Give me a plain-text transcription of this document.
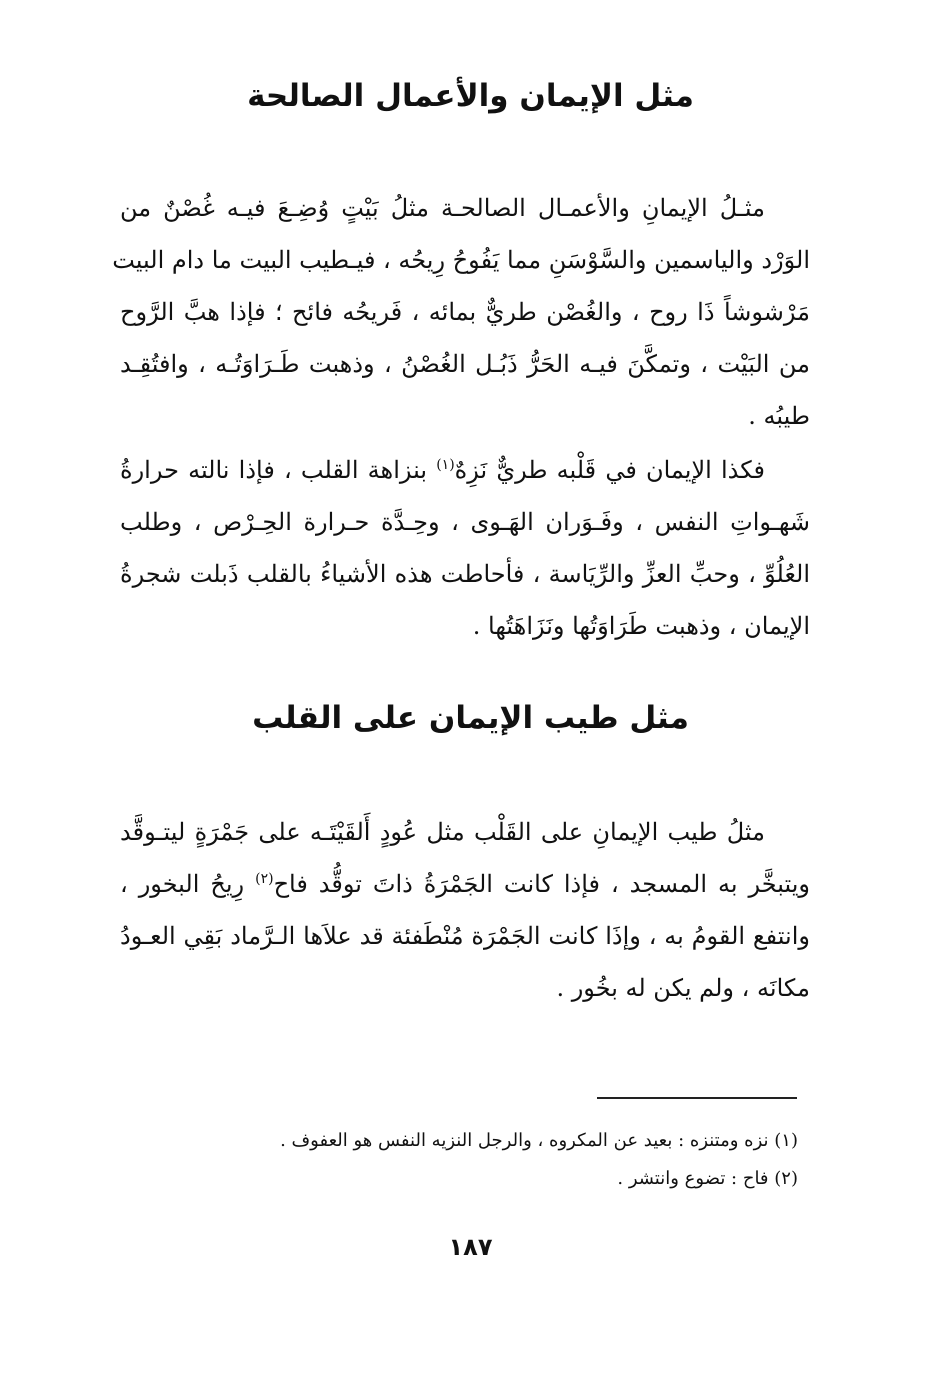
مثل الإيمان والأعمال الصالحة
مثـلُ الإيمانِ والأعمـال الصالحـة مثلُ بَيْتٍ وُضِـعَ فيـه غُصْنٌ من
الوَرْد والياسمين والسَّوْسَنِ مما يَفُوحُ رِيحُه ، فيـطيب البيت ما دام البيت
مَرْشوشاً ذَا روح ، والغُصْن طريٌّ بمائه ، فَريحُه فائح ؛ فإذا هبَّ الرَّوح
من البَيْت ، وتمكَّنَ فيـه الحَرُّ ذَبُـل الغُصْنُ ، وذهبت طَـرَاوَتُـه ، وافتُقِـد
طيبُه .
فكذا الإيمان في قَلْبه طريٌّ نَزِهٌ$^{(١)}$ بنزاهة القلب ، فإذا نالته حرارةُ
شَهـواتِ النفس ، وفَـوَران الهَـوى ، وحِـدَّة حـرارة الحِـرْص ، وطلب
العُلُوِّ ، وحبِّ العزِّ والرِّيَاسة ، فأحاطت هذه الأشياءُ بالقلب ذَبلت شجرةُ
الإيمان ، وذهبت طَرَاوَتُها ونَزَاهَتُها .
مثل طيب الإيمان على القلب
مثلُ طيب الإيمانِ على القَلْب مثل عُودٍ أَلقَيْتَـه على جَمْرَةٍ ليتـوقَّد
ويتبخَّر به المسجد ، فإذا كانت الجَمْرَةُ ذاتَ توقُّد فاح$^{(٢)}$ رِيحُ البخور ،
وانتفع القومُ به ، وإذَا كانت الجَمْرَة مُنْطَفئة قد علاَها الـرَّماد بَقِي العـودُ
مكانَه ، ولم يكن له بخُور .
(١) نزه ومتنزه : بعيد عن المكروه ، والرجل النزيه النفس هو العفوف .
(٢) فاح : تضوع وانتشر .
١٨٧
